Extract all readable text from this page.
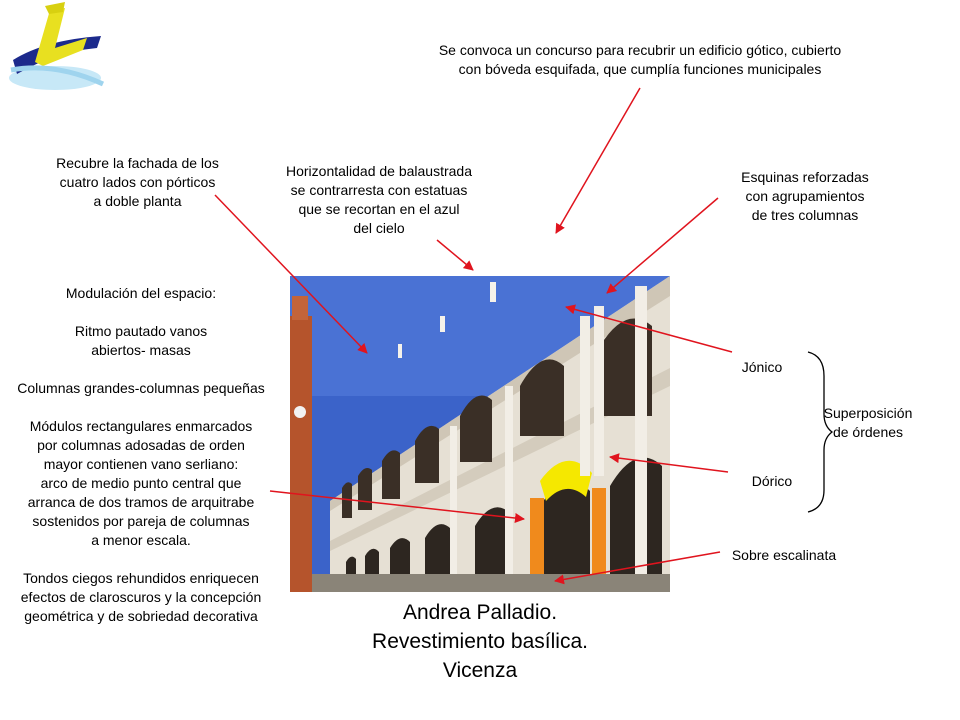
Se convoca un concurso para recubrir un edificio gótico, cubierto
con bóveda esquifada, que cumplía funciones municipales
Recubre la fachada de los
cuatro lados con pórticos
a doble planta
Horizontalidad de balaustrada
se contrarresta con estatuas
que se recortan en el azul
del cielo
Esquinas reforzadas
con agrupamientos
de tres columnas
Modulación del espacio:

Ritmo pautado vanos
abiertos- masas

Columnas grandes-columnas pequeñas

Módulos rectangulares enmarcados
por columnas adosadas de orden
mayor contienen vano serliano:
arco de medio punto central que
arranca de dos tramos de arquitrabe
sostenidos por pareja de columnas
a menor escala.

Tondos ciegos rehundidos enriquecen
efectos de claroscuros y la concepción
geométrica y de sobriedad decorativa
Jónico
Dórico
Superposición
de órdenes
Sobre escalinata
Andrea Palladio.
Revestimiento basílica.
Vicenza
